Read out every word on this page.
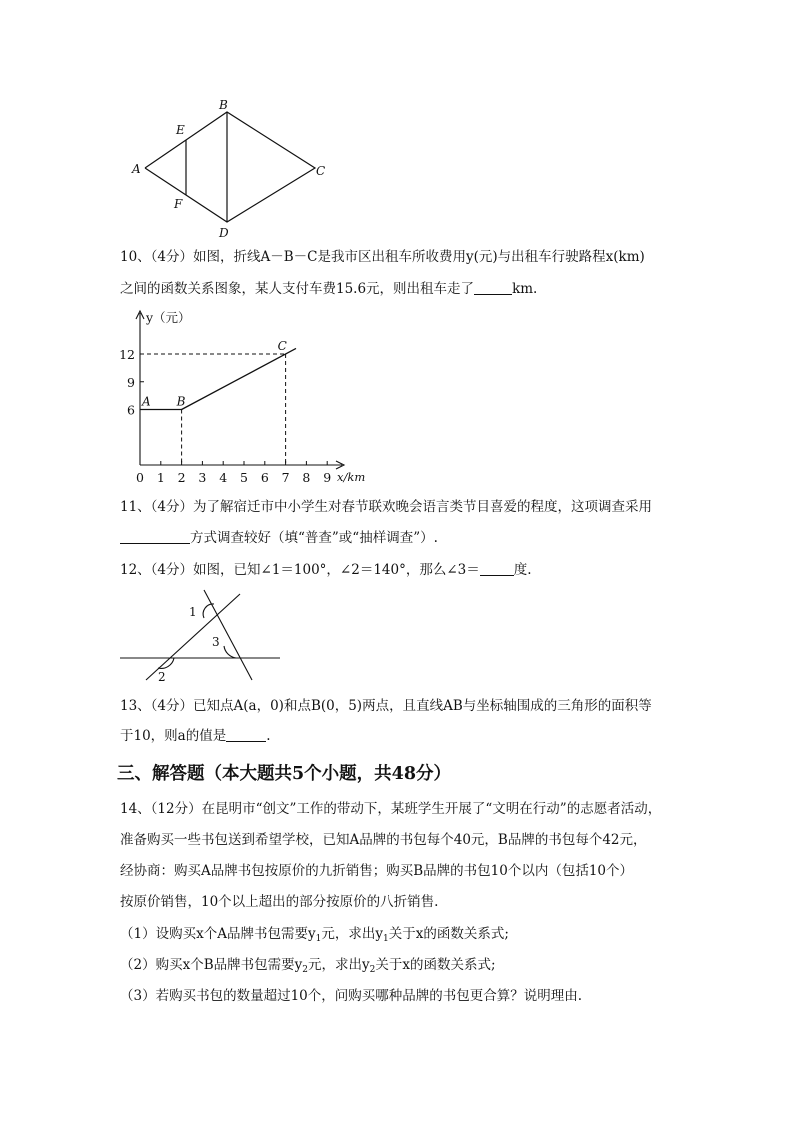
A
B
C
D
E
F
10、（4分）如图，折线A－B－C是我市区出租车所收费用y(元)与出租车行驶路程x(km)
之间的函数关系图象，某人支付车费15.6元，则出租车走了	km.
12
9
6
0 1 2 3 4 5 6 7 8 9
y（元）
x/km
A B
C
11、（4分）为了解宿迁市中小学生对春节联欢晚会语言类节目喜爱的程度，这项调查采用
方式调查较好（填“普查”或“抽样调查”）.
12、（4分）如图，已知∠1＝100°，∠2＝140°，那么∠3＝	度.
1
2
3
13、（4分）已知点A(a，0)和点B(0，5)两点，且直线AB与坐标轴围成的三角形的面积等
于10，则a的值是	.
三、解答题（本大题共5个小题，共48分）
14、（12分）在昆明市“创文”工作的带动下，某班学生开展了“文明在行动”的志愿者活动，
准备购买一些书包送到希望学校，已知A品牌的书包每个40元，B品牌的书包每个42元，
经协商：购买A品牌书包按原价的九折销售；购买B品牌的书包10个以内（包括10个）
按原价销售，10个以上超出的部分按原价的八折销售.
（1）设购买x个A品牌书包需要$y_1$元，求出$y_1$关于x的函数关系式;
（2）购买x个B品牌书包需要$y_2$元，求出$y_2$关于x的函数关系式;
（3）若购买书包的数量超过10个，问购买哪种品牌的书包更合算？说明理由.
